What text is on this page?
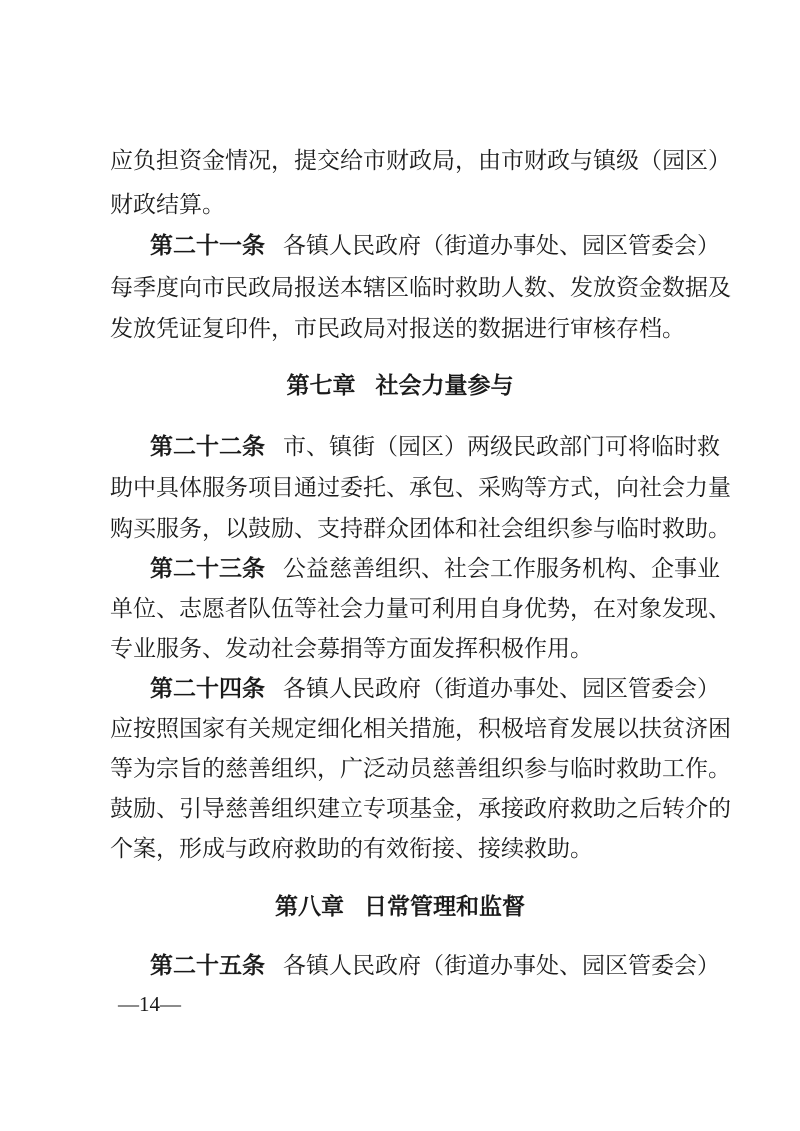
应负担资金情况，提交给市财政局，由市财政与镇级（园区）
财政结算。
第二十一条 各镇人民政府（街道办事处、园区管委会）
每季度向市民政局报送本辖区临时救助人数、发放资金数据及
发放凭证复印件，市民政局对报送的数据进行审核存档。
第七章 社会力量参与
第二十二条 市、镇街（园区）两级民政部门可将临时救
助中具体服务项目通过委托、承包、采购等方式，向社会力量
购买服务，以鼓励、支持群众团体和社会组织参与临时救助。
第二十三条 公益慈善组织、社会工作服务机构、企事业
单位、志愿者队伍等社会力量可利用自身优势，在对象发现、
专业服务、发动社会募捐等方面发挥积极作用。
第二十四条 各镇人民政府（街道办事处、园区管委会）
应按照国家有关规定细化相关措施，积极培育发展以扶贫济困
等为宗旨的慈善组织，广泛动员慈善组织参与临时救助工作。
鼓励、引导慈善组织建立专项基金，承接政府救助之后转介的
个案，形成与政府救助的有效衔接、接续救助。
第八章 日常管理和监督
第二十五条 各镇人民政府（街道办事处、园区管委会）
—14—
